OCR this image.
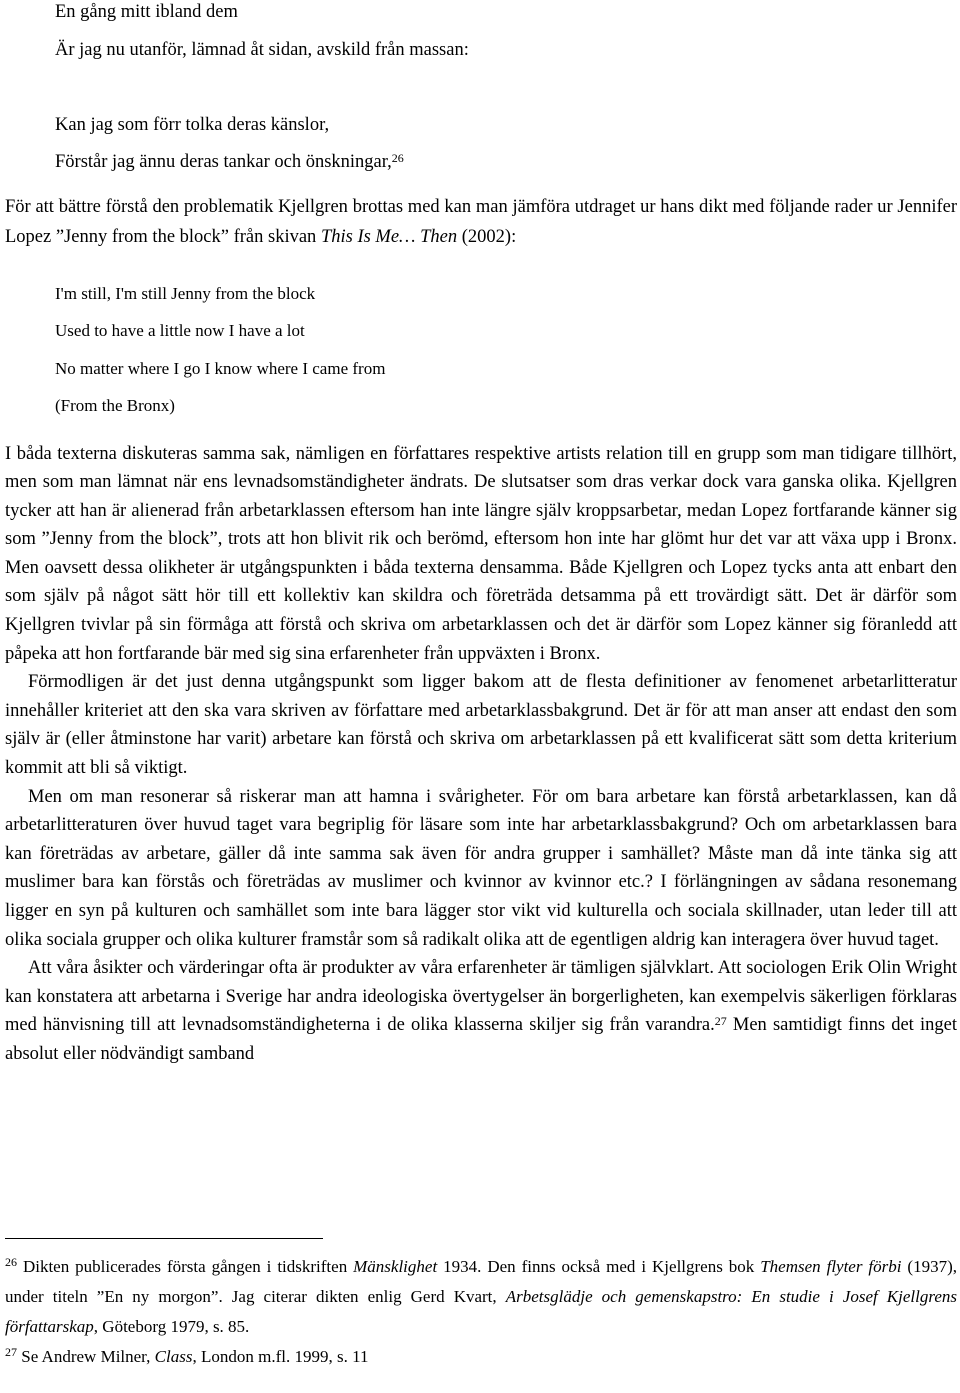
En gång mitt ibland dem
Är jag nu utanför, lämnad åt sidan, avskild från massan:
Kan jag som förr tolka deras känslor,
Förstår jag ännu deras tankar och önskningar,$^{26}$
För att bättre förstå den problematik Kjellgren brottas med kan man jämföra utdraget ur hans dikt med följande rader ur Jennifer Lopez ”Jenny from the block” från skivan This Is Me… Then (2002):
I'm still, I'm still Jenny from the block
Used to have a little now I have a lot
No matter where I go I know where I came from
(From the Bronx)

I båda texterna diskuteras samma sak, nämligen en författares respektive artists relation till en grupp som man tidigare tillhört, men som man lämnat när ens levnadsomständigheter ändrats. De slutsatser som dras verkar dock vara ganska olika. Kjellgren tycker att han är alienerad från arbetarklassen eftersom han inte längre själv kroppsarbetar, medan Lopez fortfarande känner sig som ”Jenny from the block”, trots att hon blivit rik och berömd, eftersom hon inte har glömt hur det var att växa upp i Bronx. Men oavsett dessa olikheter är utgångspunkten i båda texterna densamma. Både Kjellgren och Lopez tycks anta att enbart den som själv på något sätt hör till ett kollektiv kan skildra och företräda detsamma på ett trovärdigt sätt. Det är därför som Kjellgren tvivlar på sin förmåga att förstå och skriva om arbetarklassen och det är därför som Lopez känner sig föranledd att påpeka att hon fortfarande bär med sig sina erfarenheter från uppväxten i Bronx.

Förmodligen är det just denna utgångspunkt som ligger bakom att de flesta definitioner av fenomenet arbetarlitteratur innehåller kriteriet att den ska vara skriven av författare med arbetarklassbakgrund. Det är för att man anser att endast den som själv är (eller åtminstone har varit) arbetare kan förstå och skriva om arbetarklassen på ett kvalificerat sätt som detta kriterium kommit att bli så viktigt.

Men om man resonerar så riskerar man att hamna i svårigheter. För om bara arbetare kan förstå arbetarklassen, kan då arbetarlitteraturen över huvud taget vara begriplig för läsare som inte har arbetarklassbakgrund? Och om arbetarklassen bara kan företrädas av arbetare, gäller då inte samma sak även för andra grupper i samhället? Måste man då inte tänka sig att muslimer bara kan förstås och företrädas av muslimer och kvinnor av kvinnor etc.? I förlängningen av sådana resonemang ligger en syn på kulturen och samhället som inte bara lägger stor vikt vid kulturella och sociala skillnader, utan leder till att olika sociala grupper och olika kulturer framstår som så radikalt olika att de egentligen aldrig kan interagera över huvud taget.

Att våra åsikter och värderingar ofta är produkter av våra erfarenheter är tämligen självklart. Att sociologen Erik Olin Wright kan konstatera att arbetarna i Sverige har andra ideologiska övertygelser än borgerligheten, kan exempelvis säkerligen förklaras med hänvisning till att levnadsomständigheterna i de olika klasserna skiljer sig från varandra.$^{27}$ Men samtidigt finns det inget absolut eller nödvändigt samband

$^{26}$ Dikten publicerades första gången i tidskriften Mänsklighet 1934. Den finns också med i Kjellgrens bok Themsen flyter förbi (1937), under titeln ”En ny morgon”. Jag citerar dikten enlig Gerd Kvart, Arbetsglädje och gemenskapstro: En studie i Josef Kjellgrens författarskap, Göteborg 1979, s. 85.

$^{27}$ Se Andrew Milner, Class, London m.fl. 1999, s. 11
